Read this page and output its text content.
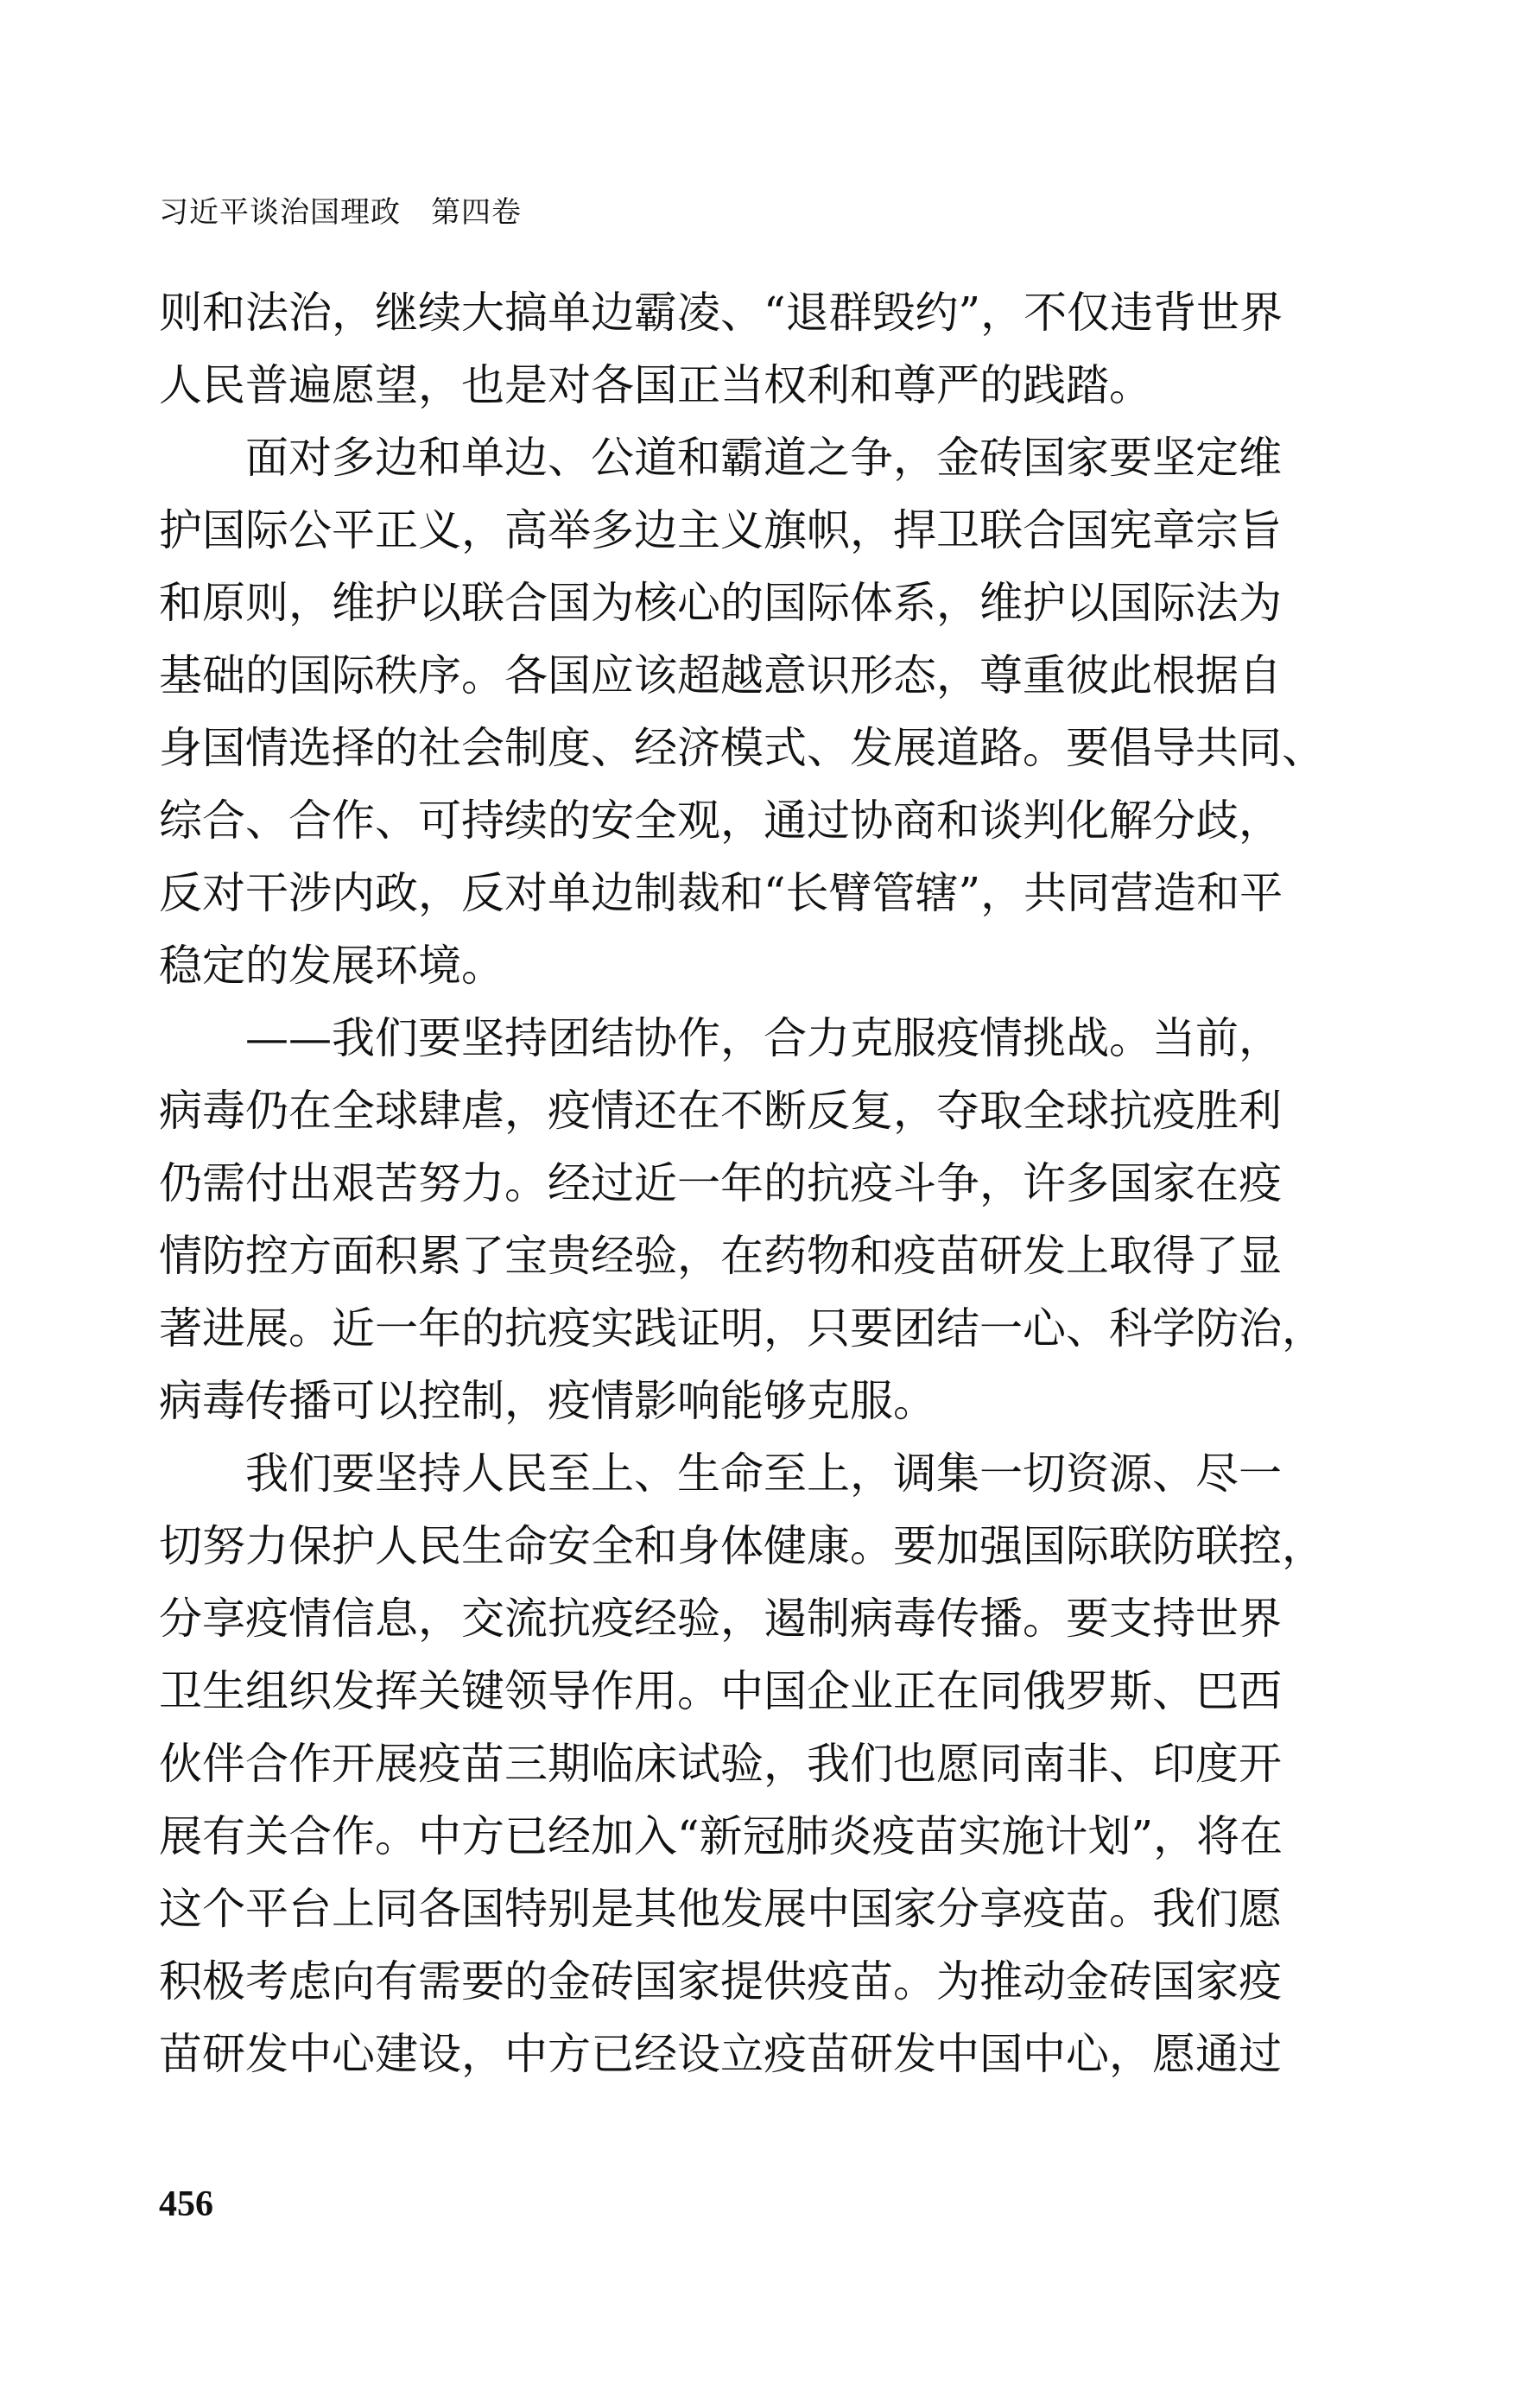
习近平谈治国理政　第四卷
则和法治，继续大搞单边霸凌、“退群毁约”，不仅违背世界
人民普遍愿望，也是对各国正当权利和尊严的践踏。
　　面对多边和单边、公道和霸道之争，金砖国家要坚定维
护国际公平正义，高举多边主义旗帜，捍卫联合国宪章宗旨
和原则，维护以联合国为核心的国际体系，维护以国际法为
基础的国际秩序。各国应该超越意识形态，尊重彼此根据自
身国情选择的社会制度、经济模式、发展道路。要倡导共同、
综合、合作、可持续的安全观，通过协商和谈判化解分歧，
反对干涉内政，反对单边制裁和“长臂管辖”，共同营造和平
稳定的发展环境。
　　——我们要坚持团结协作，合力克服疫情挑战。当前，
病毒仍在全球肆虐，疫情还在不断反复，夺取全球抗疫胜利
仍需付出艰苦努力。经过近一年的抗疫斗争，许多国家在疫
情防控方面积累了宝贵经验，在药物和疫苗研发上取得了显
著进展。近一年的抗疫实践证明，只要团结一心、科学防治，
病毒传播可以控制，疫情影响能够克服。
　　我们要坚持人民至上、生命至上，调集一切资源、尽一
切努力保护人民生命安全和身体健康。要加强国际联防联控，
分享疫情信息，交流抗疫经验，遏制病毒传播。要支持世界
卫生组织发挥关键领导作用。中国企业正在同俄罗斯、巴西
伙伴合作开展疫苗三期临床试验，我们也愿同南非、印度开
展有关合作。中方已经加入“新冠肺炎疫苗实施计划”，将在
这个平台上同各国特别是其他发展中国家分享疫苗。我们愿
积极考虑向有需要的金砖国家提供疫苗。为推动金砖国家疫
苗研发中心建设，中方已经设立疫苗研发中国中心，愿通过
456
